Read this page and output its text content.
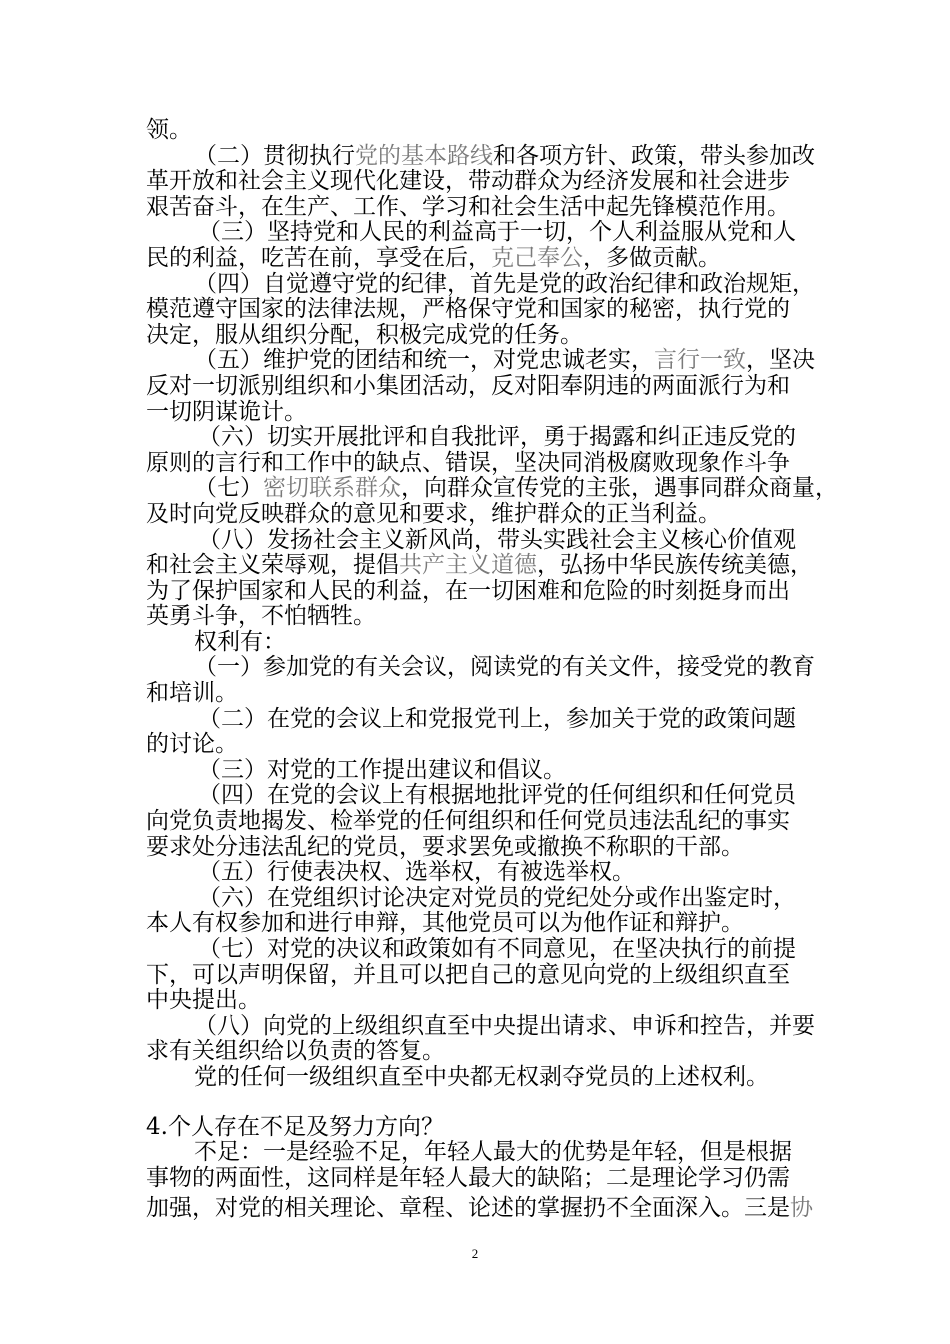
领。
（二）贯彻执行党的基本路线和各项方针、政策，带头参加改
革开放和社会主义现代化建设，带动群众为经济发展和社会进步
艰苦奋斗，在生产、工作、学习和社会生活中起先锋模范作用。
（三）坚持党和人民的利益高于一切，个人利益服从党和人
民的利益，吃苦在前，享受在后，克己奉公，多做贡献。
（四）自觉遵守党的纪律，首先是党的政治纪律和政治规矩，
模范遵守国家的法律法规，严格保守党和国家的秘密，执行党的
决定，服从组织分配，积极完成党的任务。
（五）维护党的团结和统一，对党忠诚老实，言行一致，坚决
反对一切派别组织和小集团活动，反对阳奉阴违的两面派行为和
一切阴谋诡计。
（六）切实开展批评和自我批评，勇于揭露和纠正违反党的
原则的言行和工作中的缺点、错误，坚决同消极腐败现象作斗争
（七）密切联系群众，向群众宣传党的主张，遇事同群众商量，
及时向党反映群众的意见和要求，维护群众的正当利益。
（八）发扬社会主义新风尚，带头实践社会主义核心价值观
和社会主义荣辱观，提倡共产主义道德，弘扬中华民族传统美德，
为了保护国家和人民的利益，在一切困难和危险的时刻挺身而出
英勇斗争，不怕牺牲。
权利有：
（一）参加党的有关会议，阅读党的有关文件，接受党的教育
和培训。
（二）在党的会议上和党报党刊上，参加关于党的政策问题
的讨论。
（三）对党的工作提出建议和倡议。
（四）在党的会议上有根据地批评党的任何组织和任何党员
向党负责地揭发、检举党的任何组织和任何党员违法乱纪的事实
要求处分违法乱纪的党员，要求罢免或撤换不称职的干部。
（五）行使表决权、选举权，有被选举权。
（六）在党组织讨论决定对党员的党纪处分或作出鉴定时，
本人有权参加和进行申辩，其他党员可以为他作证和辩护。
（七）对党的决议和政策如有不同意见，在坚决执行的前提
下，可以声明保留，并且可以把自己的意见向党的上级组织直至
中央提出。
（八）向党的上级组织直至中央提出请求、申诉和控告，并要
求有关组织给以负责的答复。
党的任何一级组织直至中央都无权剥夺党员的上述权利。
4.个人存在不足及努力方向？
不足：一是经验不足，年轻人最大的优势是年轻，但是根据
事物的两面性，这同样是年轻人最大的缺陷；二是理论学习仍需
加强，对党的相关理论、章程、论述的掌握扔不全面深入。三是协
2
